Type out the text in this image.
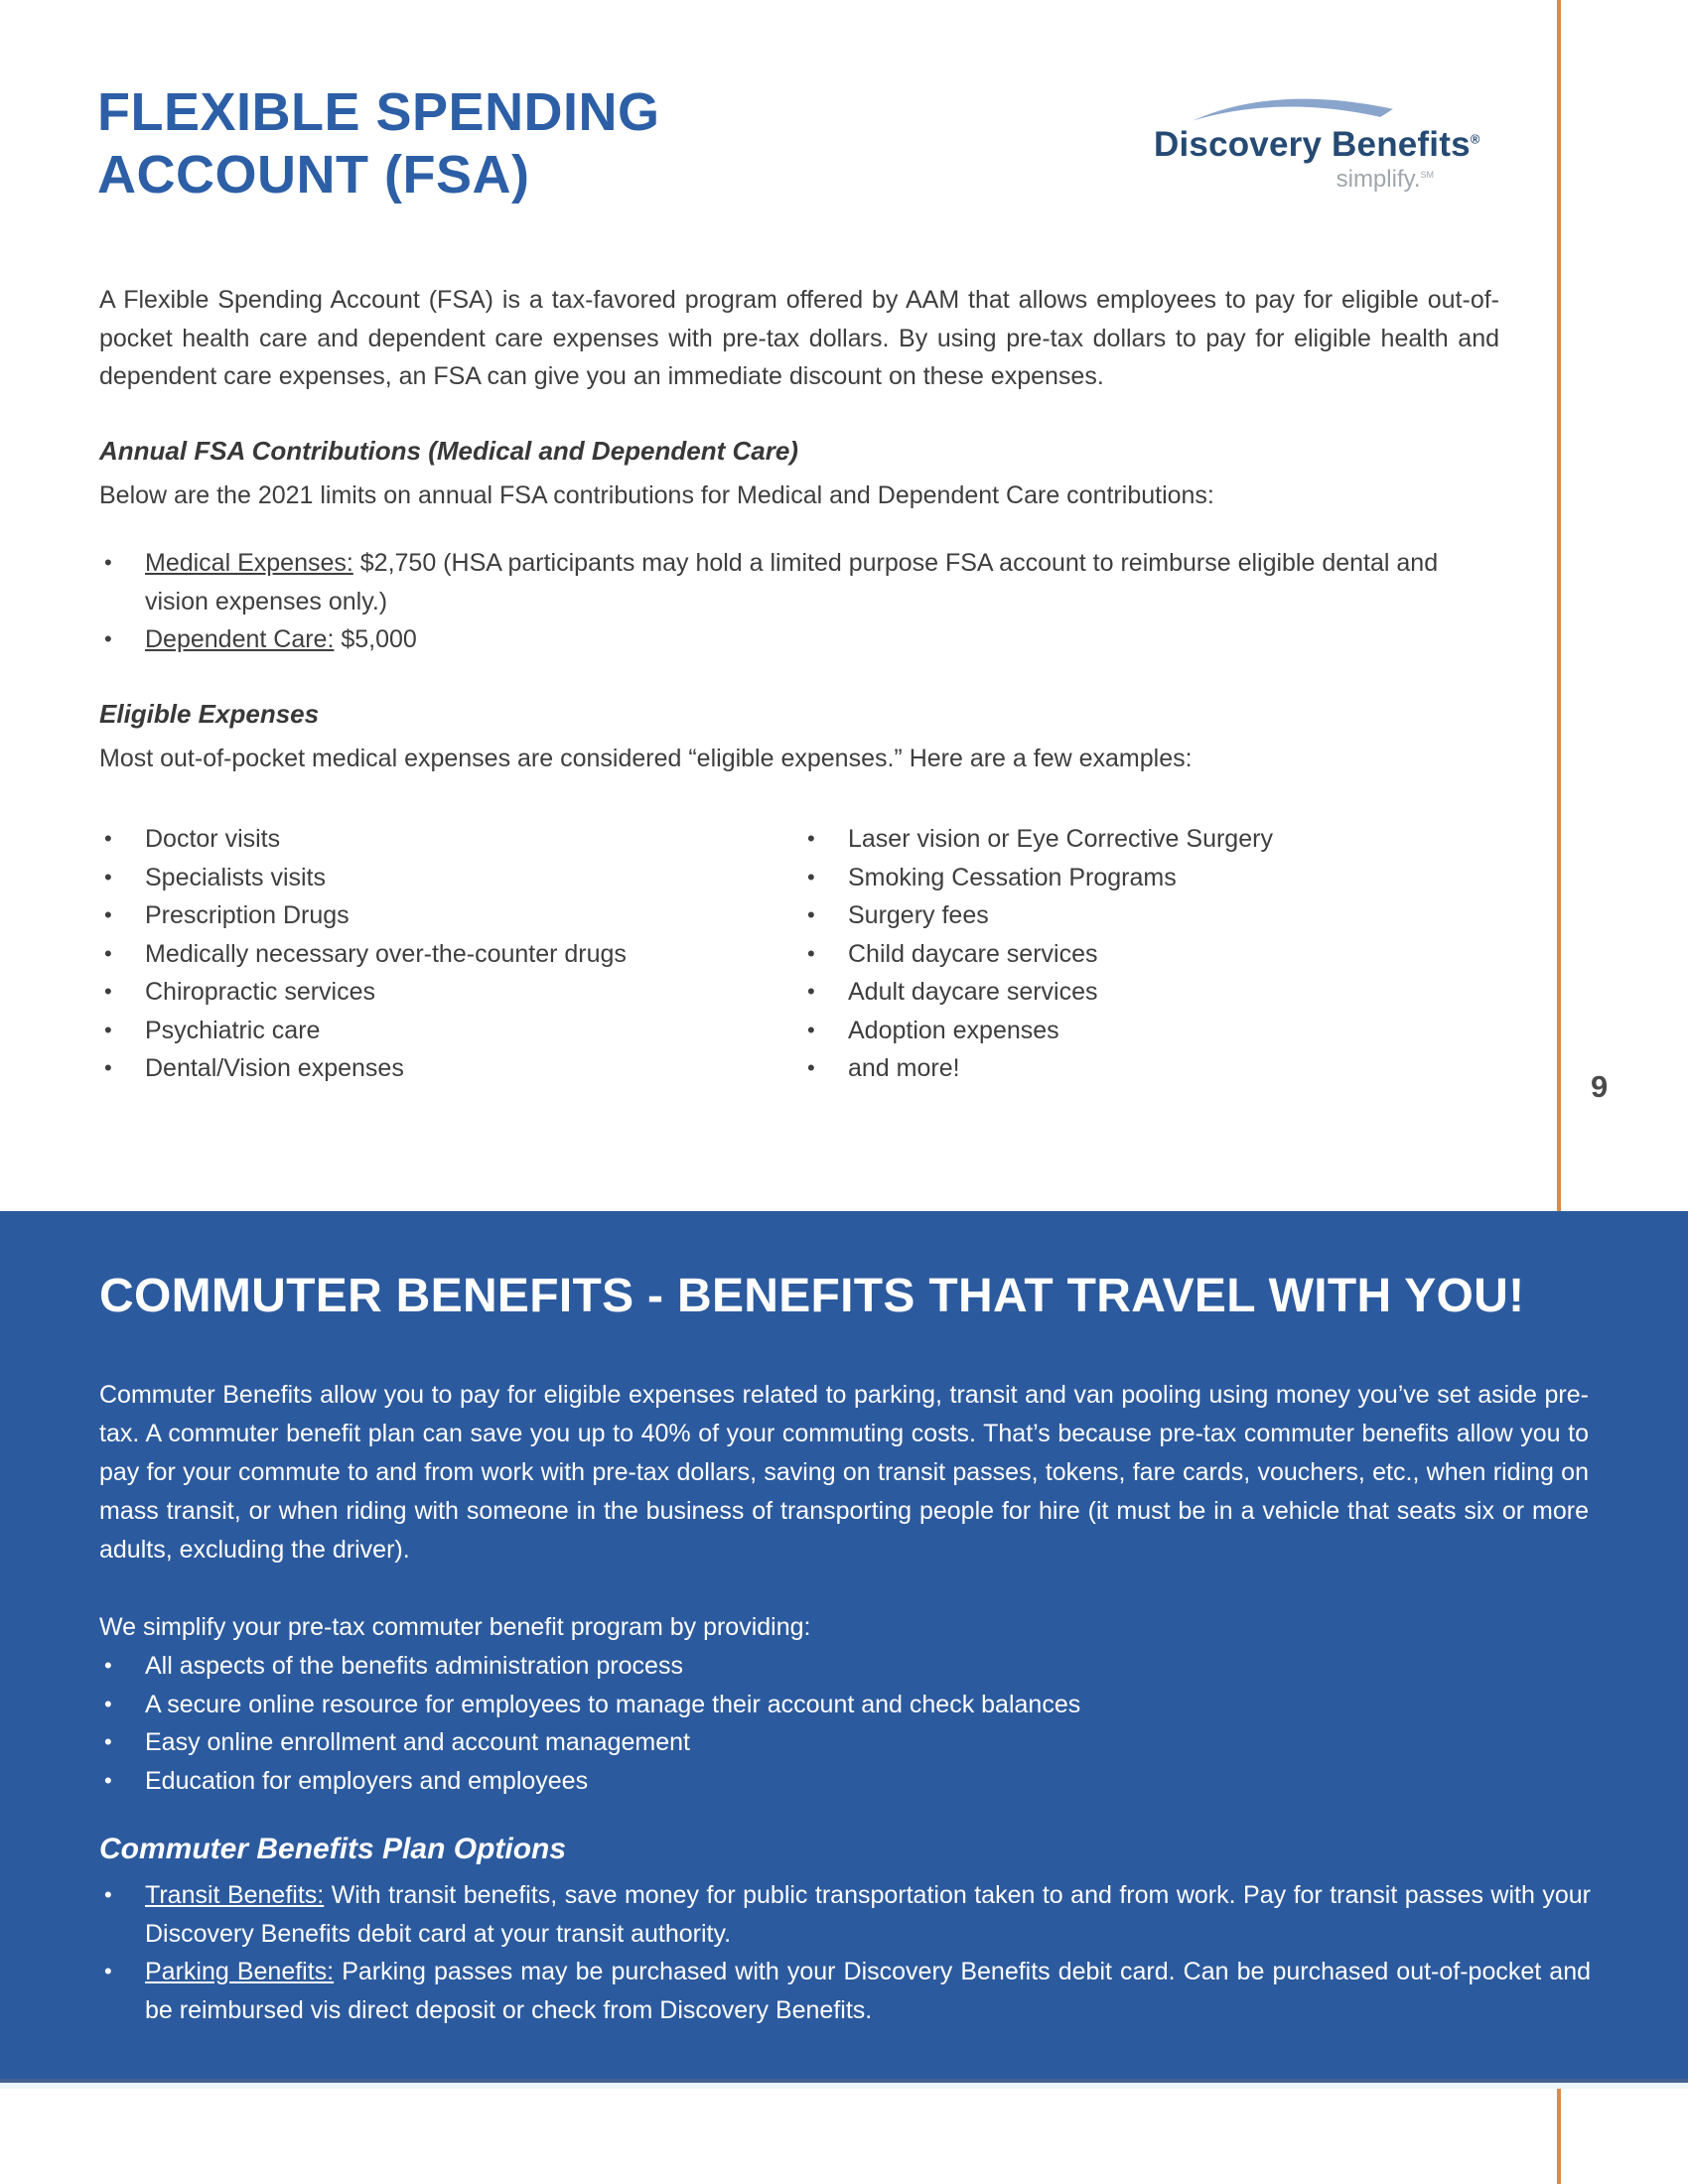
FLEXIBLE SPENDING
ACCOUNT (FSA)
Discovery Benefits®
simplify.℠

A Flexible Spending Account (FSA) is a tax-favored program offered by AAM that allows employees to pay for eligible out-of-pocket health care and dependent care expenses with pre-tax dollars. By using pre-tax dollars to pay for eligible health and dependent care expenses, an FSA can give you an immediate discount on these expenses.

Annual FSA Contributions (Medical and Dependent Care)

Below are the 2021 limits on annual FSA contributions for Medical and Dependent Care contributions:

•	Medical Expenses: $2,750 (HSA participants may hold a limited purpose FSA account to reimburse eligible dental and vision expenses only.)
•	Dependent Care: $5,000
Eligible Expenses

Most out-of-pocket medical expenses are considered “eligible expenses.” Here are a few examples:

•	Doctor visits
•	Specialists visits
•	Prescription Drugs
•	Medically necessary over-the-counter drugs
•	Chiropractic services
•	Psychiatric care
•	Dental/Vision expenses
•	Laser vision or Eye Corrective Surgery
•	Smoking Cessation Programs
•	Surgery fees
•	Child daycare services
•	Adult daycare services
•	Adoption expenses
•	and more!
9
COMMUTER BENEFITS - BENEFITS THAT TRAVEL WITH YOU!

Commuter Benefits allow you to pay for eligible expenses related to parking, transit and van pooling using money you’ve set aside pre-tax. A commuter benefit plan can save you up to 40% of your commuting costs. That’s because pre-tax commuter benefits allow you to pay for your commute to and from work with pre-tax dollars, saving on transit passes, tokens, fare cards, vouchers, etc., when riding on mass transit, or when riding with someone in the business of transporting people for hire (it must be in a vehicle that seats six or more adults, excluding the driver).

We simplify your pre-tax commuter benefit program by providing:

•	All aspects of the benefits administration process
•	A secure online resource for employees to manage their account and check balances
•	Easy online enrollment and account management
•	Education for employers and employees
Commuter Benefits Plan Options
•	Transit Benefits: With transit benefits, save money for public transportation taken to and from work. Pay for transit passes with your Discovery Benefits debit card at your transit authority.
•	Parking Benefits: Parking passes may be purchased with your Discovery Benefits debit card. Can be purchased out-of-pocket and be reimbursed vis direct deposit or check from Discovery Benefits.
